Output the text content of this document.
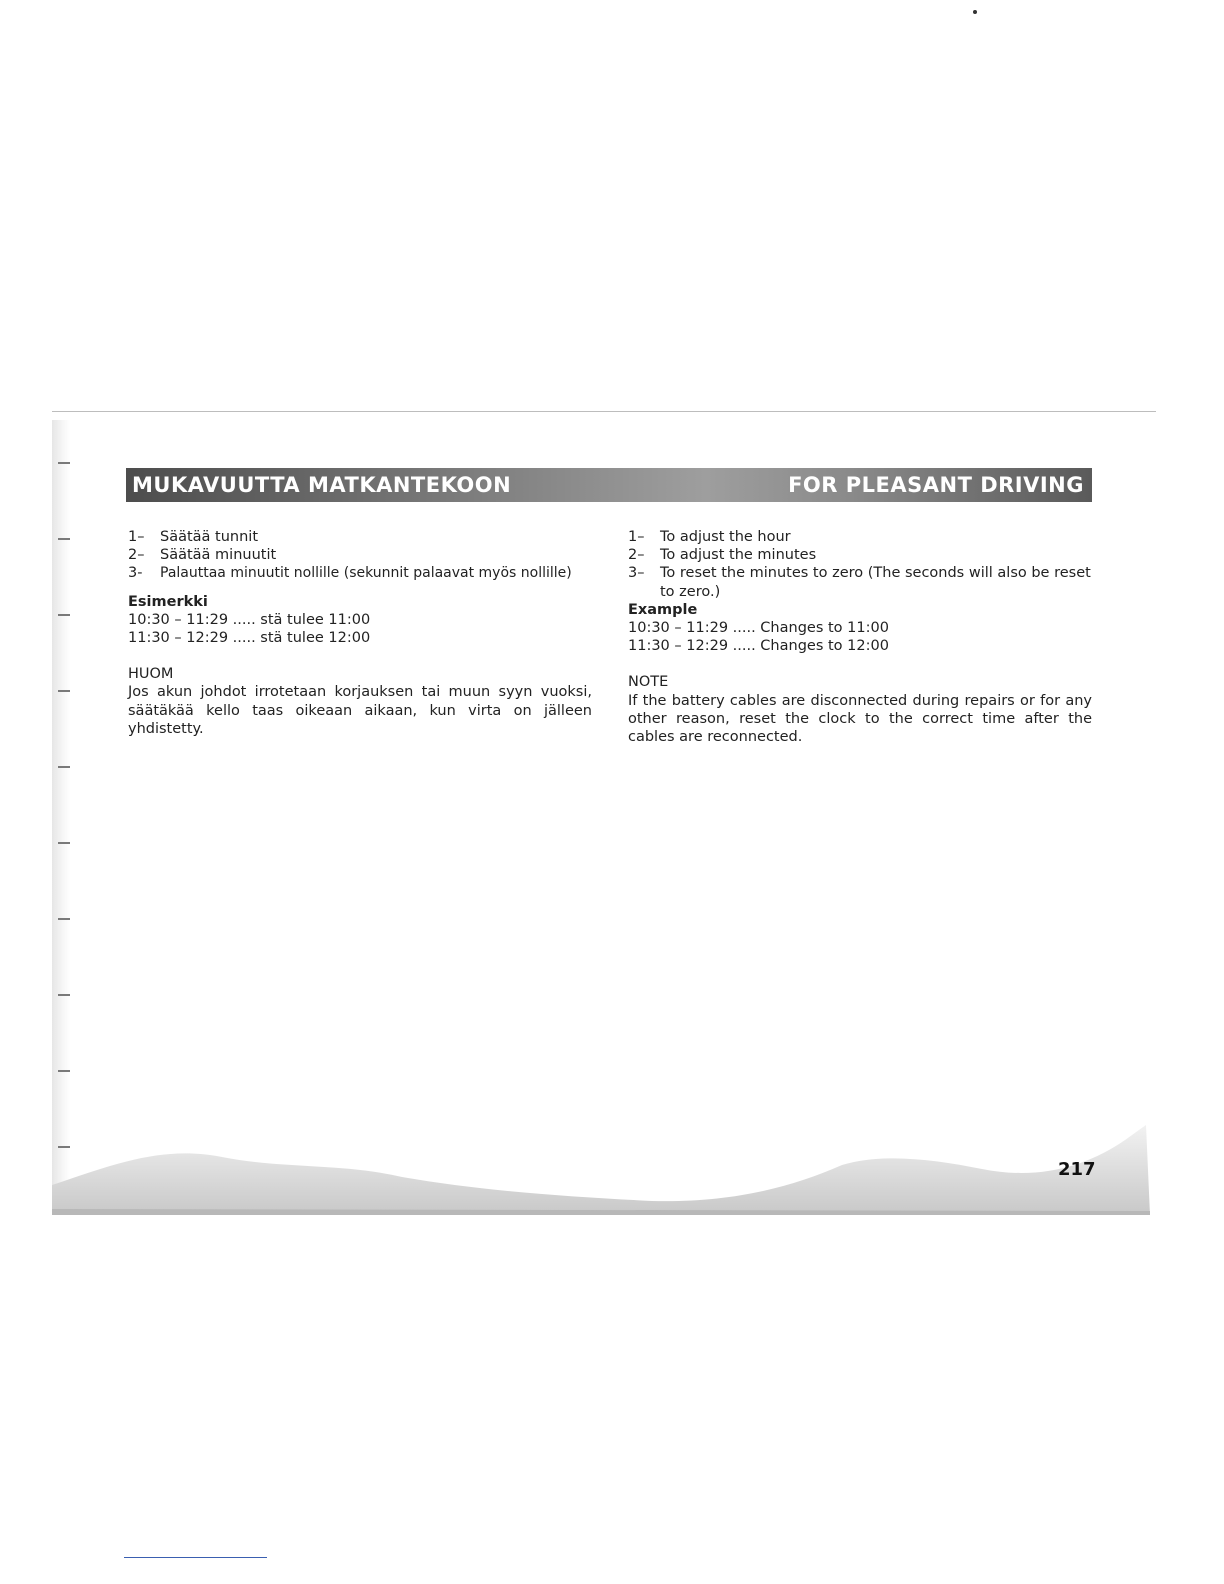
MUKAVUUTTA MATKANTEKOON	FOR PLEASANT DRIVING
1–	Säätää tunnit
2–	Säätää minuutit
3-	Palauttaa minuutit nollille (sekunnit palaavat myös nollille)
Esimerkki
10:30 – 11:29 ..... stä tulee 11:00
11:30 – 12:29 ..... stä tulee 12:00
HUOM
Jos akun johdot irrotetaan korjauksen tai muun syyn vuoksi, säätäkää kello taas oikeaan aikaan, kun virta on jälleen yhdistetty.
1–	To adjust the hour
2–	To adjust the minutes
3–	To reset the minutes to zero (The seconds will also be reset to zero.)
Example
10:30 – 11:29 ..... Changes to 11:00
11:30 – 12:29 ..... Changes to 12:00
NOTE
If the battery cables are disconnected during repairs or for any other reason, reset the clock to the correct time after the cables are reconnected.
217
